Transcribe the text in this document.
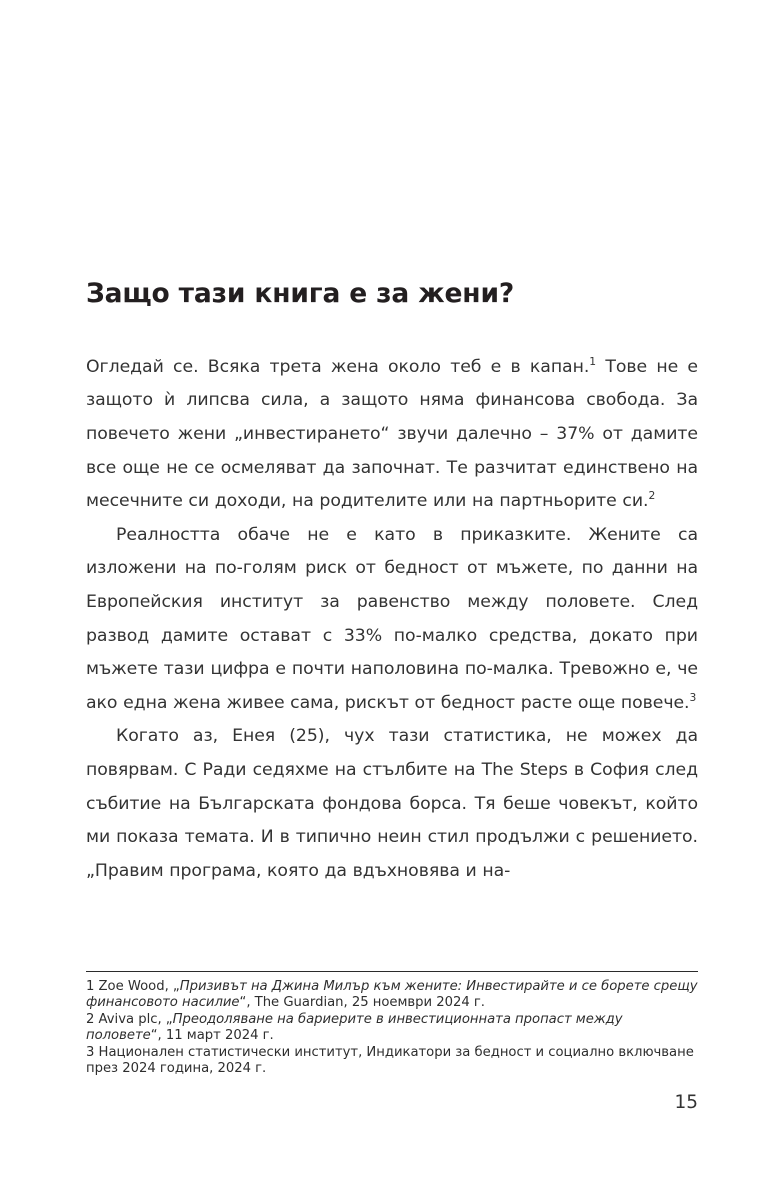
Защо тази книга е за жени?

Огледай се. Всяка трета жена около теб е в капан.$^1$ Тове не е защото ѝ липсва сила, а защото няма финансова свобода. За повечето жени „инвестирането“ звучи далечно – 37% от дамите все още не се осмеляват да започнат. Те разчитат единствено на месечните си доходи, на родителите или на партньорите си.$^2$

Реалността обаче не е като в приказките. Жените са изложени на по-голям риск от бедност от мъжете, по данни на Европейския институт за равенство между половете. След развод дамите остават с 33% по-малко средства, докато при мъжете тази цифра е почти наполовина по-малка. Тревожно е, че ако една жена живее сама, рискът от бедност расте още повече.$^3$

Когато аз, Енея (25), чух тази статистика, не можех да повярвам. С Ради седяхме на стълбите на The Steps в София след събитие на Българската фондова борса. Тя беше човекът, който ми показа темата. И в типично неин стил продължи с решението. „Правим програма, която да вдъхновява и на-

1 Zoe Wood, „Призивът на Джина Милър към жените: Инвестирайте и се борете срещу финансовото насилие“, The Guardian, 25 ноември 2024 г.

2 Aviva plc, „Преодоляване на бариерите в инвестиционната пропаст между половете“, 11 март 2024 г.

3 Национален статистически институт, Индикатори за бедност и социално включване през 2024 година, 2024 г.

15
